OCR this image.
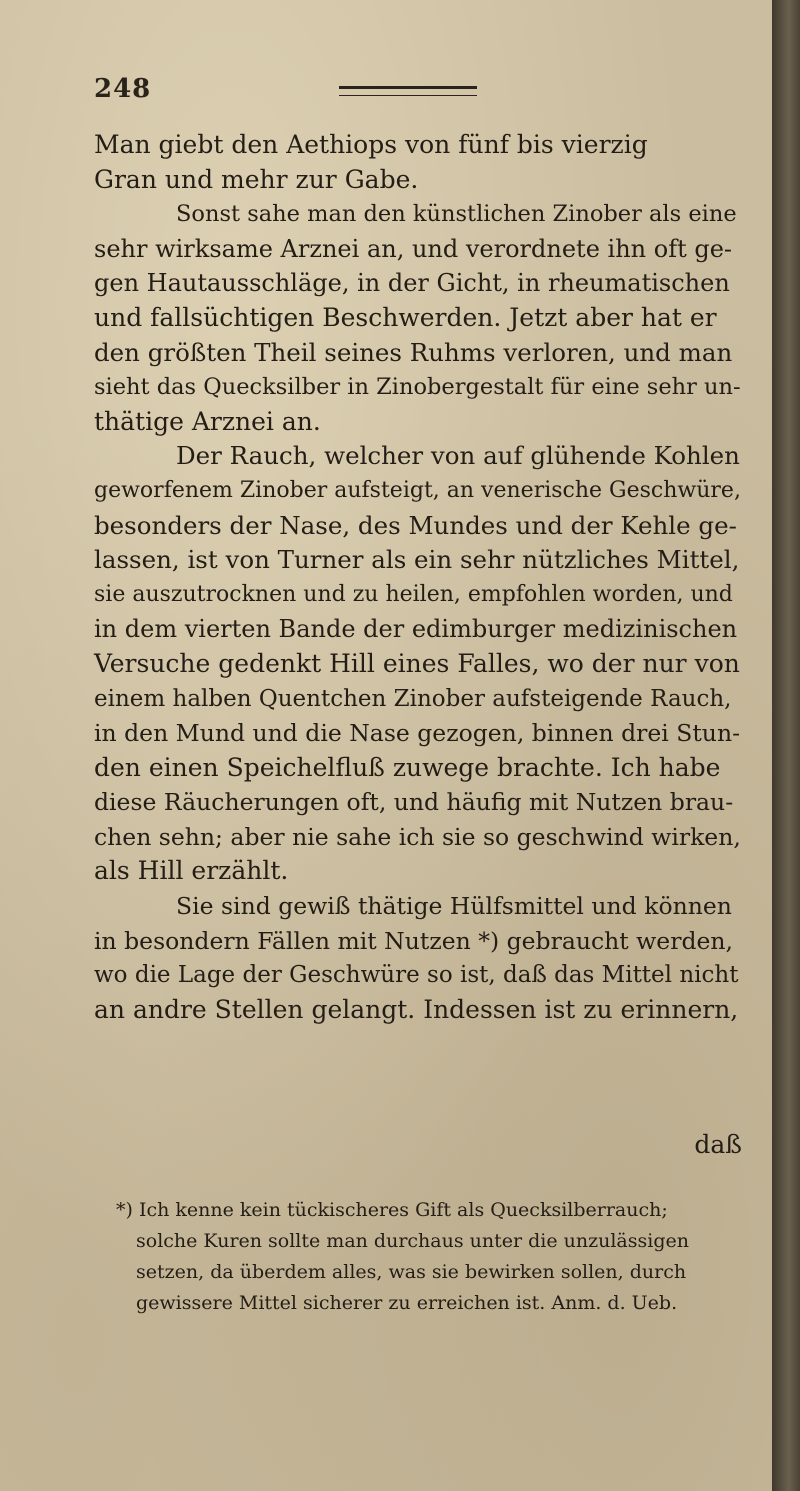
248
Man giebt den Aethiops von fünf bis vierzig
Gran und mehr zur Gabe.
Sonst sahe man den künstlichen Zinober als eine
sehr wirksame Arznei an, und verordnete ihn oft ge-
gen Hautausschläge, in der Gicht, in rheumatischen
und fallsüchtigen Beschwerden. Jetzt aber hat er
den größten Theil seines Ruhms verloren, und man
sieht das Quecksilber in Zinobergestalt für eine sehr un-
thätige Arznei an.
Der Rauch, welcher von auf glühende Kohlen
geworfenem Zinober aufsteigt, an venerische Geschwüre,
besonders der Nase, des Mundes und der Kehle ge-
lassen, ist von Turner als ein sehr nützliches Mittel,
sie auszutrocknen und zu heilen, empfohlen worden, und
in dem vierten Bande der edimburger medizinischen
Versuche gedenkt Hill eines Falles, wo der nur von
einem halben Quentchen Zinober aufsteigende Rauch,
in den Mund und die Nase gezogen, binnen drei Stun-
den einen Speichelfluß zuwege brachte. Ich habe
diese Räucherungen oft, und häufig mit Nutzen brau-
chen sehn; aber nie sahe ich sie so geschwind wirken,
als Hill erzählt.
Sie sind gewiß thätige Hülfsmittel und können
in besondern Fällen mit Nutzen *) gebraucht werden,
wo die Lage der Geschwüre so ist, daß das Mittel nicht
an andre Stellen gelangt. Indessen ist zu erinnern,
daß
*) Ich kenne kein tückischeres Gift als Quecksilberrauch;
solche Kuren sollte man durchaus unter die unzulässigen
setzen, da überdem alles, was sie bewirken sollen, durch
gewissere Mittel sicherer zu erreichen ist. Anm. d. Ueb.
